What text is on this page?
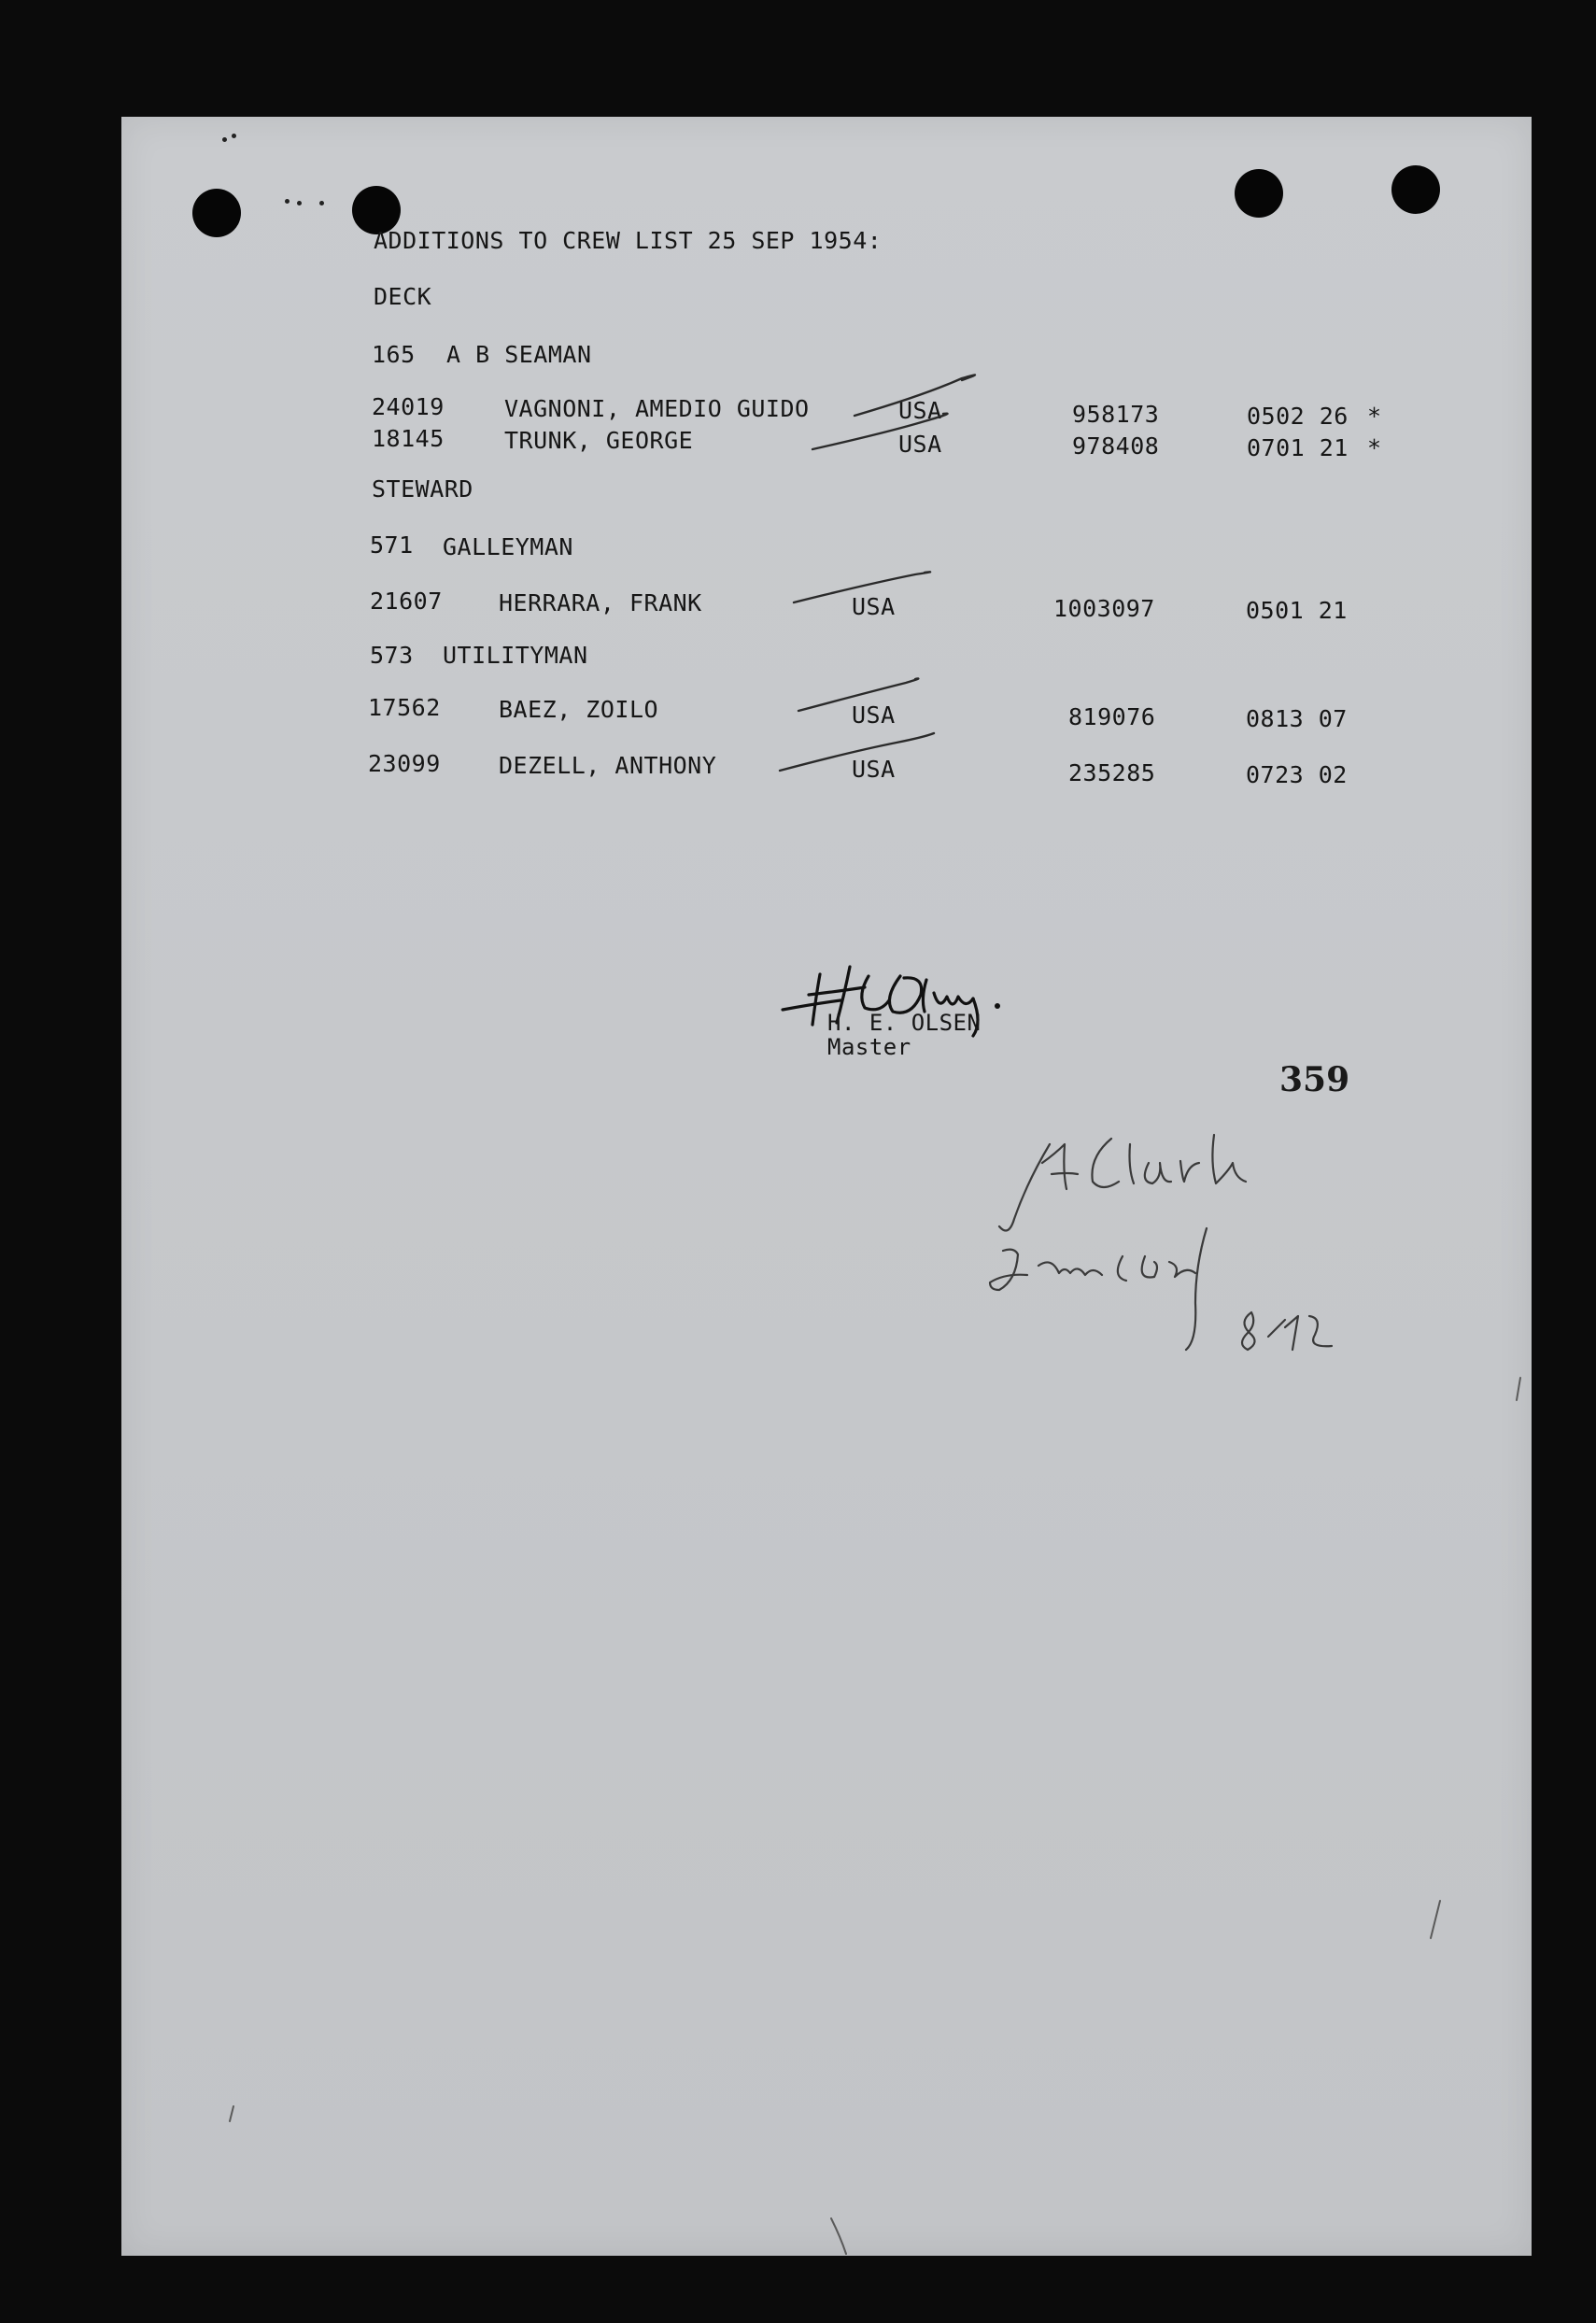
ADDITIONS TO CREW LIST 25 SEP 1954:
DECK
165 A B SEAMAN
24019	VAGNONI, AMEDIO GUIDO	USA	958173	0502 26 *
18145	TRUNK, GEORGE	USA	978408	0701 21 *
STEWARD
571 GALLEYMAN
21607 HERRARA, FRANK	USA	1003097	0501 21
573 UTILITYMAN
17562 BAEZ, ZOILO	USA	819076	0813 07
23099 DEZELL, ANTHONY	USA	235285	0723 02
H. E. OLSEN
Master
359
